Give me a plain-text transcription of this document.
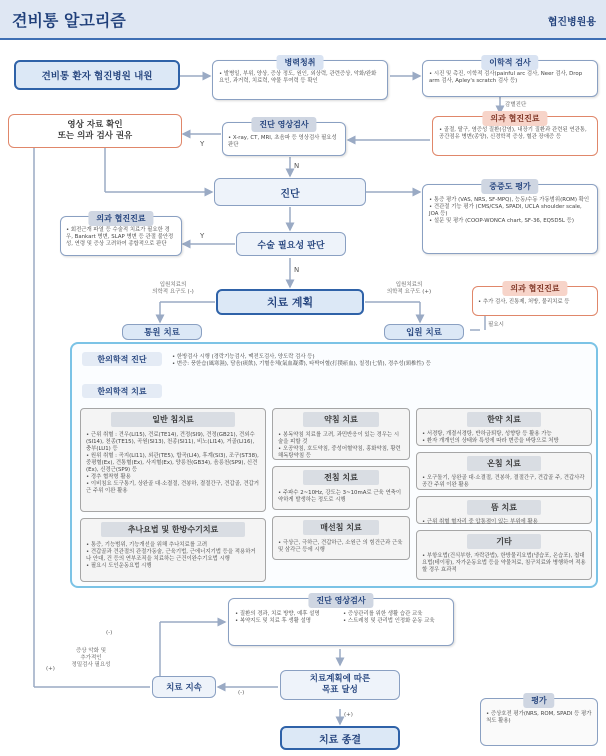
견비통 알고리즘	협진병원용
견비통 환자 협진병원 내원
병력청취
• 발병일, 부위, 양상, 증상 정도, 원인, 외상력, 관련증상, 악화/완화 요인, 과거력, 치료력, 약물 투여력 등 확인
이학적 검사
• 시진 및 촉진, 이학적 검사(painful arc 검사, Neer 검사, Drop arm 검사, Apley's scratch 검사 등)
감별진단
의과 협진진료
• 골절, 탈구, 염증성 질환(감염), 내장기 질환과 관련된 연관통, 공간점유 병변(종양), 신경학적 증상, 혈관 장애증 등
영상 자료 확인
또는 의과 검사 권유
진단 영상검사
• X-ray, CT, MRI, 초음파 등 영상검사 필요성 판단
Y
N
진단
중증도 평가
• 통증 평가 (VAS, NRS, SF-MPQ), 능동/수동 가동범위(ROM) 확인
• 견관절 기능 평가 (CMS/CSA, SPADI, UCLA shoulder scale, JOA 등)
• 설문 및 평가 (COOP-WONCA chart, SF-36, EQ5D5L 등)
의과 협진진료
• 회전근개 파열 등 수술적 치료가 필요한 경우, Bankart 병변, SLAP 병변 등 관절 불안정성, 연령 및 증상 고려하여 종합적으로 판단
Y
수술 필요성 판단
N
치료 계획
입원치료의
의학적 요구도 (-)
입원치료의
의학적 요구도 (+)
통원 치료	입원 치료
의과 협진진료
• 추가 검사, 진통제, 처방, 물리치료 등
필요시
한의학적 진단	• 한방검사 시행 (경락기능검사, 맥전도검사, 양도락 검사 등)
• 변증: 풍한습(風寒濕), 담음(痰飮), 기혈응체(氣血凝滯), 타박어혈(打撲瘀血), 칠정(七情), 경추성(頸椎性) 등
한의학적 치료
일반 침치료
• 근위 취혈 : 견우(LI15), 견료(TE14), 견정(SI9), 견정(GB21), 견외수(SI14), 천종(TE15), 곡원(SI13), 천종(SI11), 비노(LI14), 거골(LI16), 충부(LU1) 등
• 원위 취혈 : 곡지(LI11), 외관(TE5), 합곡(LI4), 후계(SI3), 조구(ST38), 중평혈(Ex), 견통혈(Ex), 사지혈(Ex), 양릉천(GB34), 음릉천(SP9), 신견(Ex), 신경근(SP9) 등
• 경추 협착형 활용
• 이비침요 도구통기, 상완골 대·소결절, 견봉하, 결절간구, 견갑골, 견갑거근 주위 이완 활용
추나요법 및 한방수기치료
• 통증, 기능범위, 기능개선을 위해 추나치료를 고려
• 견갑골과 견관절의 관절가동술, 근육기법, 근에너지기법 등을 적용하거나 안대, 건 등의 연부조직을 치료하는 근건이완수기요법 시행
• 필요시 도인운동요법 시행
약침 치료
• 봉독약침 치료를 고려, 과민반응이 있는 경우는 시술을 피할 것
• 오공약침, 호도약침, 중성어혈약침, 홍화약침, 황련해독탕약침 등
전침 치료
• 주파수 2~10Hz, 강도는 3~10mA로 근육 연축이 약하게 발생하는 정도로 시행
매선침 치료
• 극상근, 극하근, 견갑하근, 소원근 의 힘건근과 근육 및 삼각근 등에 시행
한약 치료
• 서경탕, 개결서경탕, 반하금퇴탕, 성향탕 등 활용 가능
• 환자 개개인의 상태와 특성에 따라 변증을 바탕으로 처방
온침 치료
• 오구돌기, 상완골 대·소결절, 견봉하, 결절간구, 견갑골 주, 견갑사각공간 주위 이완 활용
뜸 치료
• 근위 취혈 혈자리 중 압통점이 있는 부위에 활용
기타
• 부항요법(건식부항, 자락관법), 한방물리요법(냉습포, 온습포), 첩대요법(테이핑), 자가운동요법 등을 약물처료, 침구치료와 병행하여 적용할 경우 효과적
진단 영상검사
• 질환의 경과, 치료 방향, 예후 설명
• 복약지도 및 치료 후 생활 설명
• 증상관리를 위한 생활 습관 교육
• 스트레칭 및 관리법 인정화 운동 교육
치료계획에 따른
목표 달성
치료 지속
치료 종결
증상 악화 및
추가적인
정밀검사 필요성
(-)
(+)
(-)
(+)
평가
• 증상호전 평가(NRS, ROM, SPADI 등 평가 척도 활용)
